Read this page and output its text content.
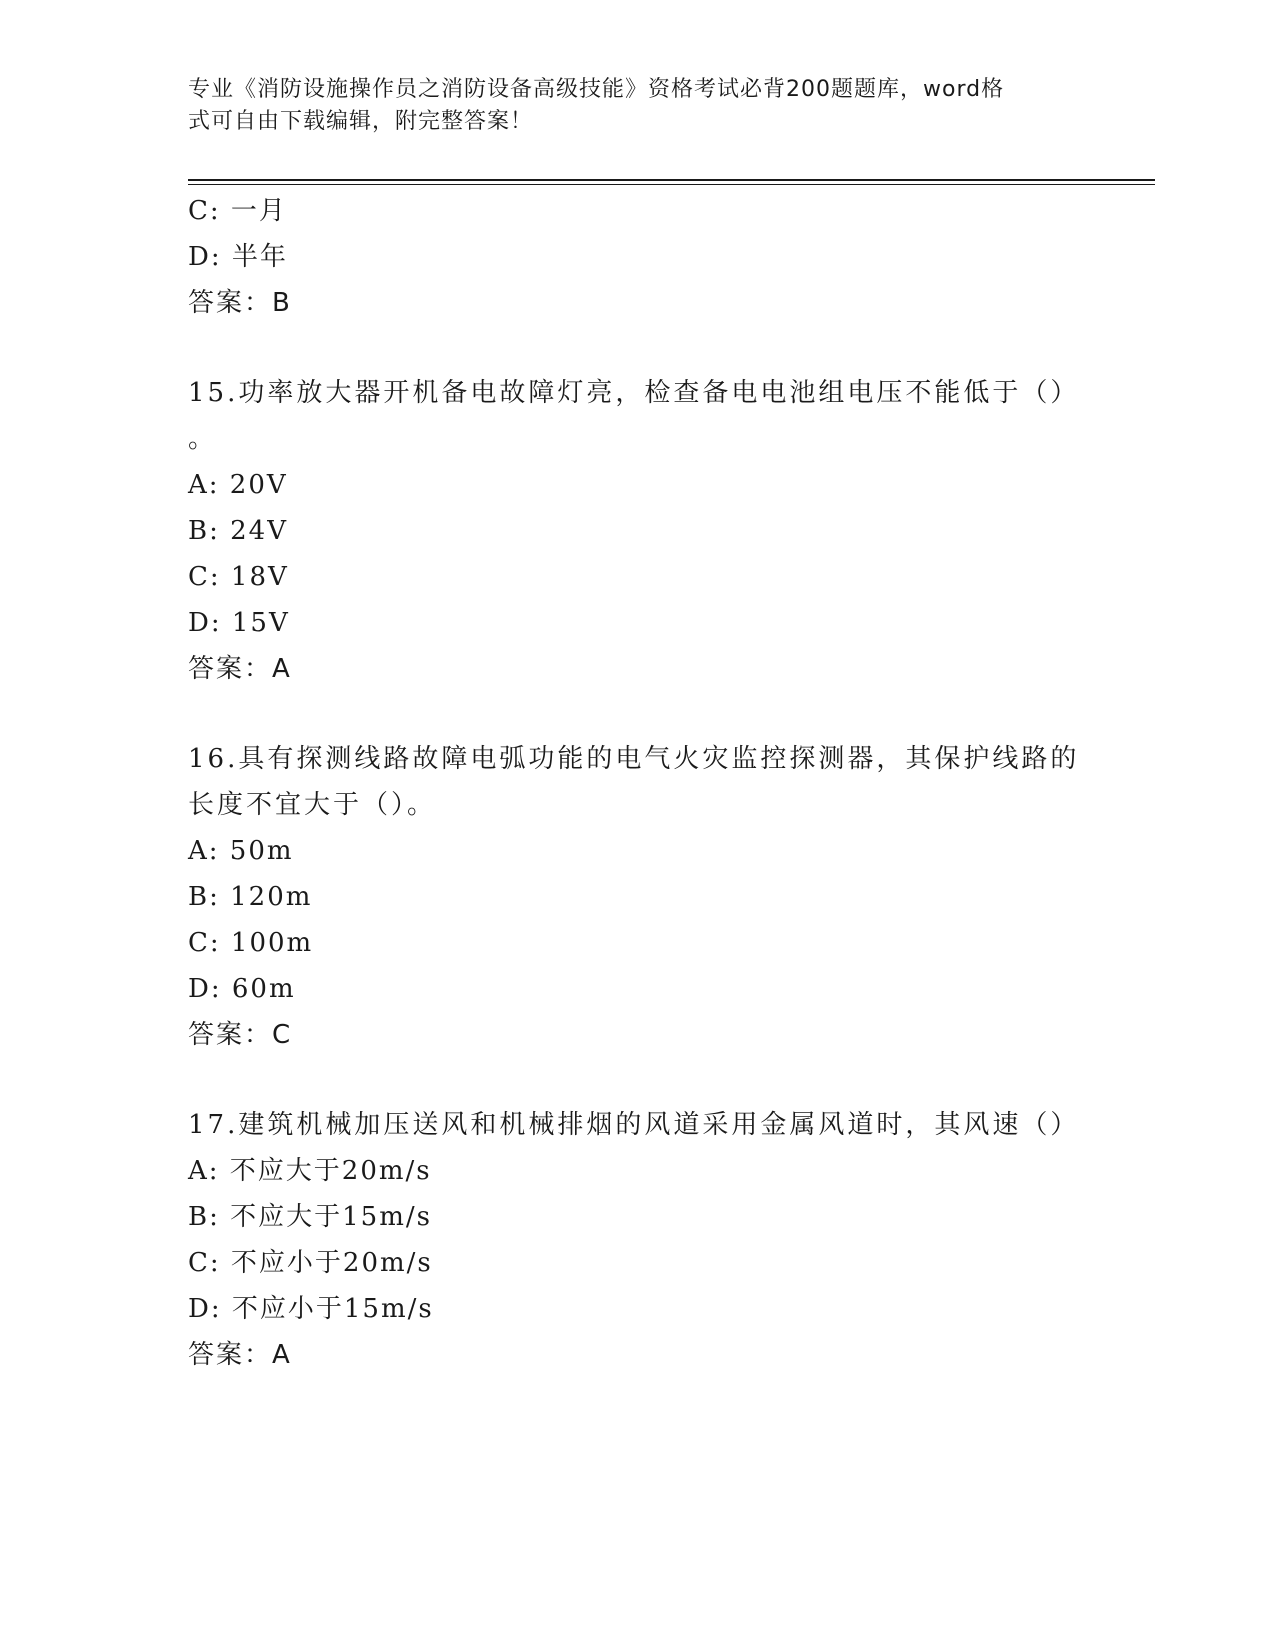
专业《消防设施操作员之消防设备高级技能》资格考试必背200题题库，word格
式可自由下载编辑，附完整答案！
C: 一月
D: 半年
答案：B
15.功率放大器开机备电故障灯亮，检查备电电池组电压不能低于（）
。
A: 20V
B: 24V
C: 18V
D: 15V
答案：A
16.具有探测线路故障电弧功能的电气火灾监控探测器，其保护线路的
长度不宜大于（）。
A: 50m
B: 120m
C: 100m
D: 60m
答案：C
17.建筑机械加压送风和机械排烟的风道采用金属风道时，其风速（）
A: 不应大于20m/s
B: 不应大于15m/s
C: 不应小于20m/s
D: 不应小于15m/s
答案：A
